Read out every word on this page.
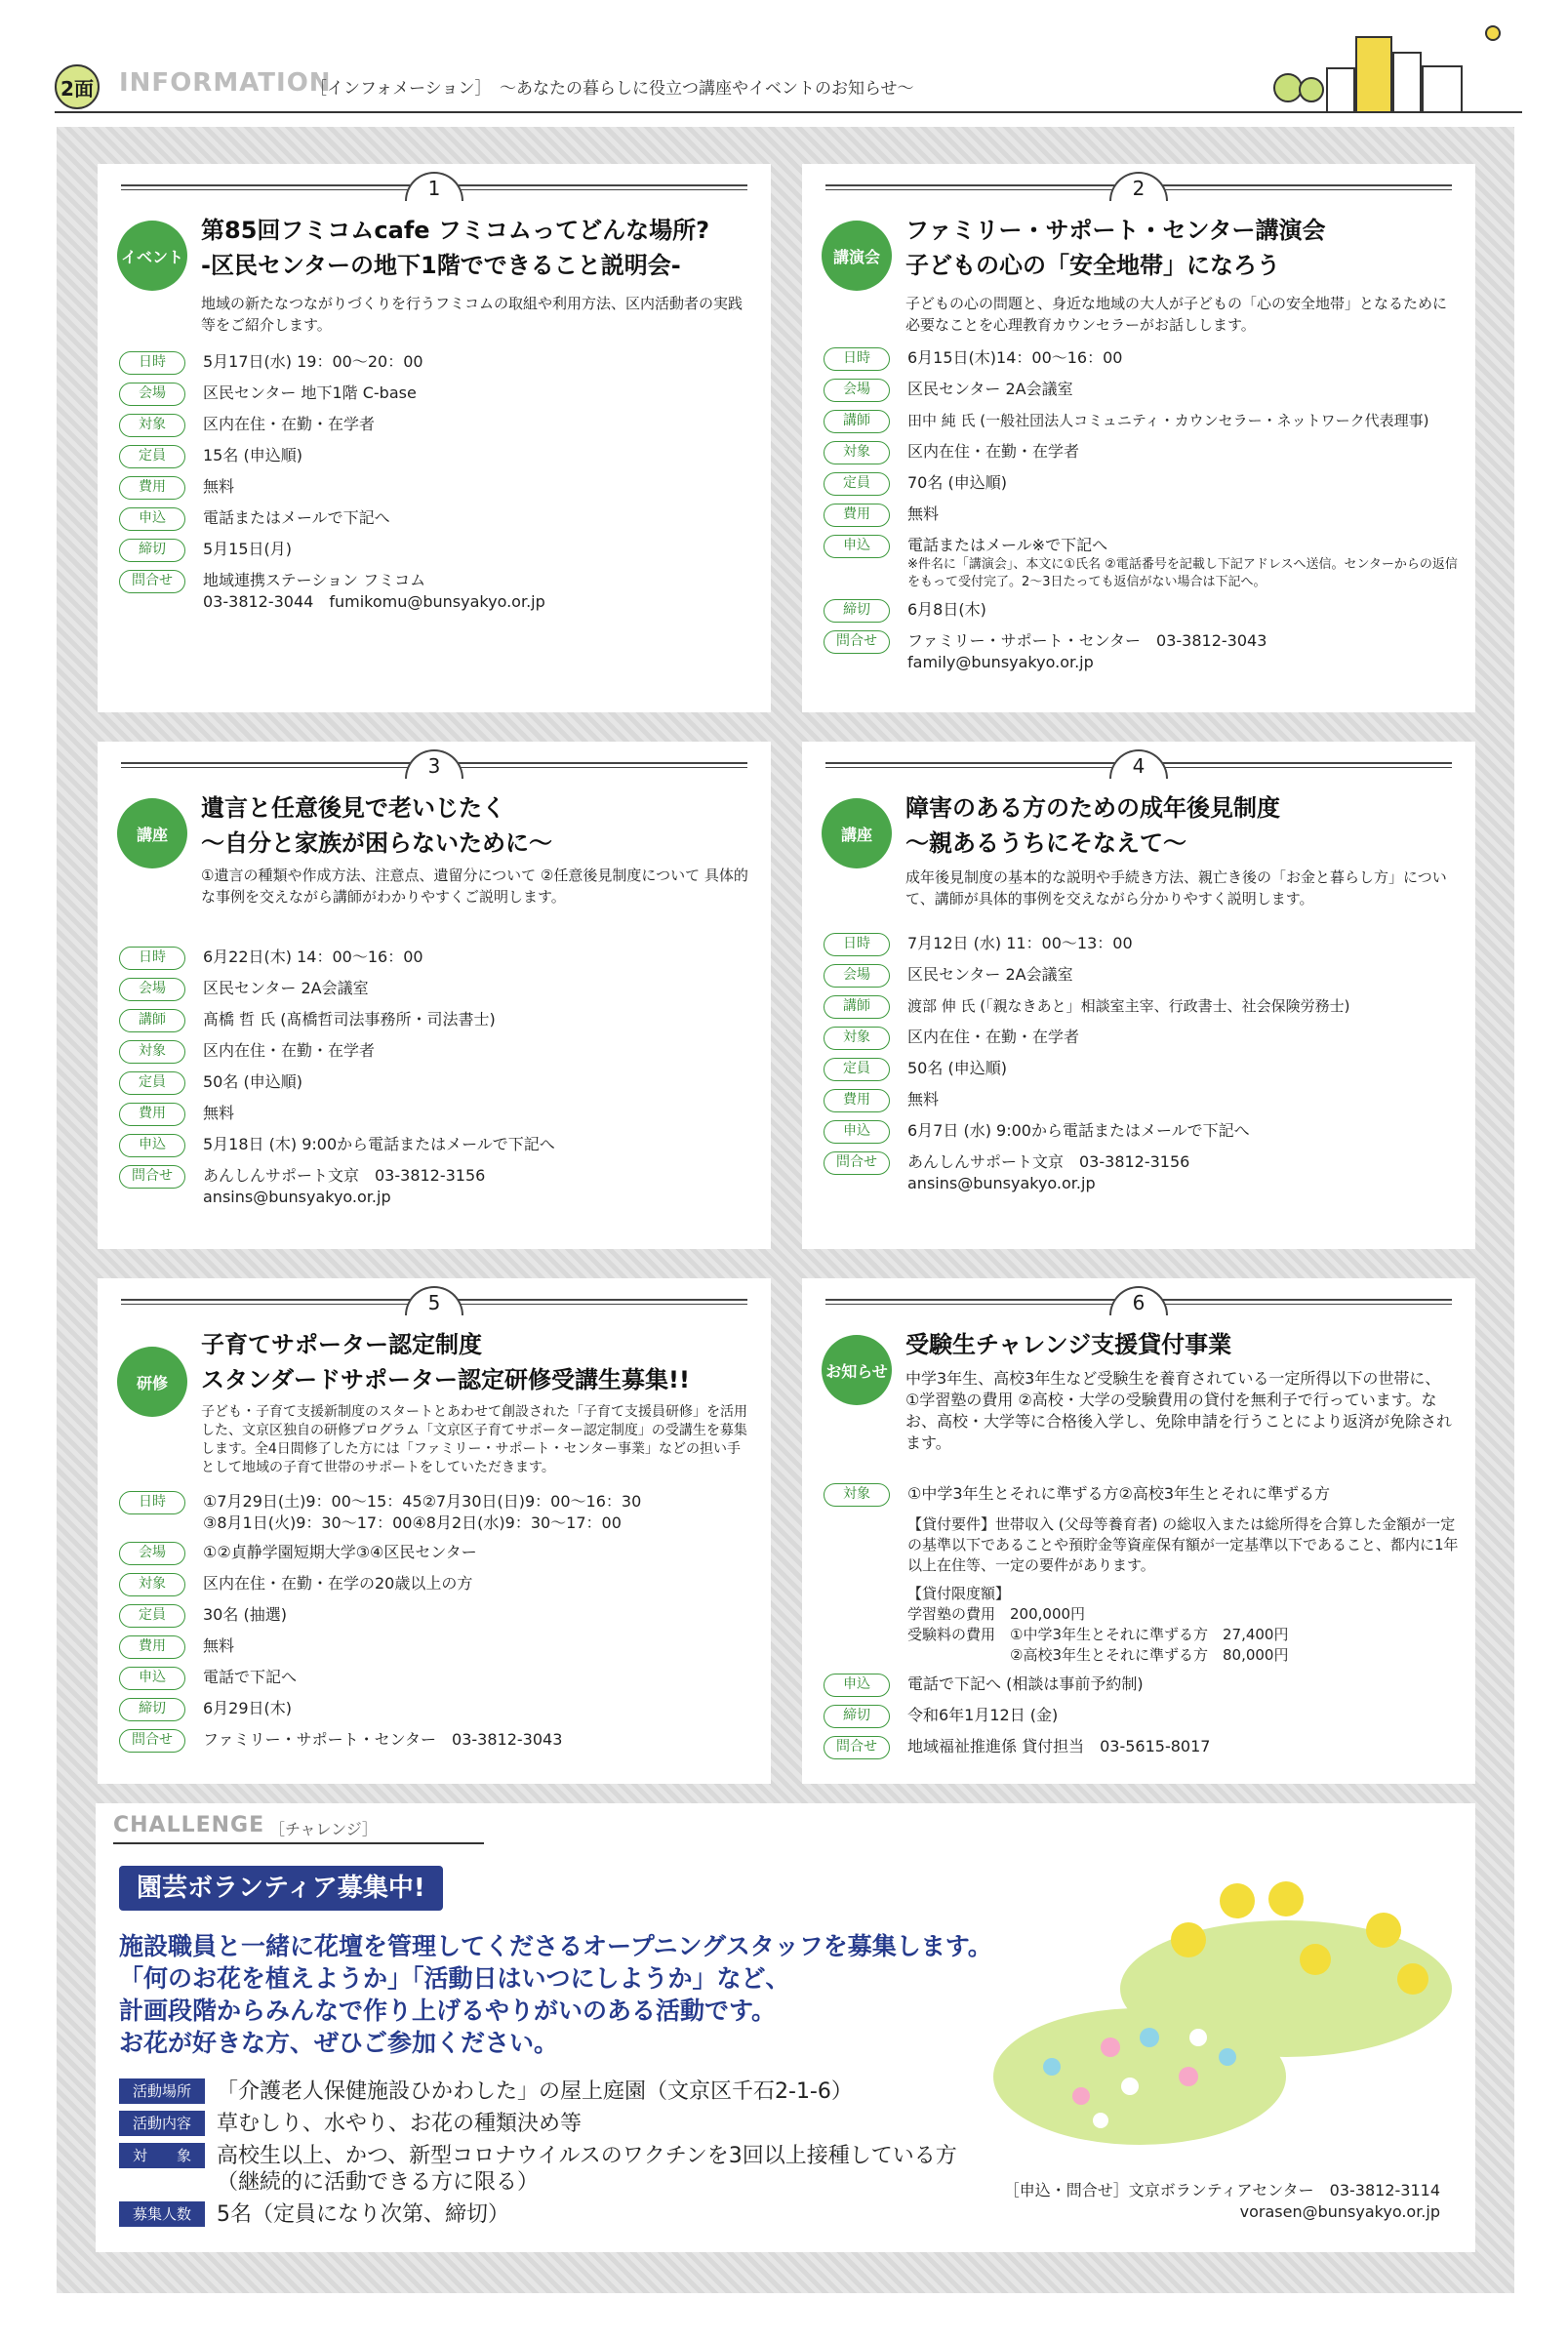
2面 INFORMATION
［インフォメーション］ ～あなたの暮らしに役立つ講座やイベントのお知らせ～
1
イベント
第85回フミコムcafe フミコムってどんな場所?
‐区民センターの地下1階でできること説明会‐
地域の新たなつながりづくりを行うフミコムの取組や利用方法、区内活動者の実践等をご紹介します。
日時	5月17日(水) 19：00～20：00
会場	区民センター 地下1階 C-base
対象	区内在住・在勤・在学者
定員	15名 (申込順)
費用	無料
申込	電話またはメールで下記へ
締切	5月15日(月)
問合せ	地域連携ステーション フミコム
03-3812-3044　fumikomu@bunsyakyo.or.jp
2
講演会
ファミリー・サポート・センター講演会
子どもの心の「安全地帯」になろう
子どもの心の問題と、身近な地域の大人が子どもの「心の安全地帯」となるために必要なことを心理教育カウンセラーがお話しします。
日時	6月15日(木)14：00～16：00
会場	区民センター 2A会議室
講師	田中 純 氏 (一般社団法人コミュニティ・カウンセラー・ネットワーク代表理事)
対象	区内在住・在勤・在学者
定員	70名 (申込順)
費用	無料
申込	電話またはメール※で下記へ
※件名に「講演会」、本文に①氏名 ②電話番号を記載し下記アドレスへ送信。センターからの返信をもって受付完了。2～3日たっても返信がない場合は下記へ。
締切	6月8日(木)
問合せ	ファミリー・サポート・センター　03-3812-3043
family@bunsyakyo.or.jp
3
講座
遺言と任意後見で老いじたく
～自分と家族が困らないために～
①遺言の種類や作成方法、注意点、遺留分について ②任意後見制度について 具体的な事例を交えながら講師がわかりやすくご説明します。
日時	6月22日(木) 14：00～16：00
会場	区民センター 2A会議室
講師	髙橋 哲 氏 (髙橋哲司法事務所・司法書士)
対象	区内在住・在勤・在学者
定員	50名 (申込順)
費用	無料
申込	5月18日 (木) 9:00から電話またはメールで下記へ
問合せ	あんしんサポート文京　03-3812-3156
ansins@bunsyakyo.or.jp
4
講座
障害のある方のための成年後見制度
～親あるうちにそなえて～
成年後見制度の基本的な説明や手続き方法、親亡き後の「お金と暮らし方」について、講師が具体的事例を交えながら分かりやすく説明します。
日時	7月12日 (水) 11：00～13：00
会場	区民センター 2A会議室
講師	渡部 伸 氏 (「親なきあと」相談室主宰、行政書士、社会保険労務士)
対象	区内在住・在勤・在学者
定員	50名 (申込順)
費用	無料
申込	6月7日 (水) 9:00から電話またはメールで下記へ
問合せ	あんしんサポート文京　03-3812-3156
ansins@bunsyakyo.or.jp
5
研修
子育てサポーター認定制度
スタンダードサポーター認定研修受講生募集!!
子ども・子育て支援新制度のスタートとあわせて創設された「子育て支援員研修」を活用した、文京区独自の研修プログラム「文京区子育てサポーター認定制度」の受講生を募集します。全4日間修了した方には「ファミリー・サポート・センター事業」などの担い手として地域の子育て世帯のサポートをしていただきます。
日時	①7月29日(土)9：00～15：45②7月30日(日)9：00～16：30
③8月1日(火)9：30～17：00④8月2日(水)9：30～17：00
会場	①②貞静学園短期大学③④区民センター
対象	区内在住・在勤・在学の20歳以上の方
定員	30名 (抽選)
費用	無料
申込	電話で下記へ
締切	6月29日(木)
問合せ	ファミリー・サポート・センター　03-3812-3043
6
お知らせ
受験生チャレンジ支援貸付事業
中学3年生、高校3年生など受験生を養育されている一定所得以下の世帯に、①学習塾の費用 ②高校・大学の受験費用の貸付を無利子で行っています。なお、高校・大学等に合格後入学し、免除申請を行うことにより返済が免除されます。
対象	①中学3年生とそれに準ずる方②高校3年生とそれに準ずる方
【貸付要件】世帯収入 (父母等養育者) の総収入または総所得を合算した金額が一定の基準以下であることや預貯金等資産保有額が一定基準以下であること、都内に1年以上在住等、一定の要件があります。
【貸付限度額】
学習塾の費用　200,000円
受験料の費用　①中学3年生とそれに準ずる方　27,400円
　　　　　　　②高校3年生とそれに準ずる方　80,000円
申込	電話で下記へ (相談は事前予約制)
締切	令和6年1月12日 (金)
問合せ	地域福祉推進係 貸付担当　03-5615-8017
CHALLENGE ［チャレンジ］
園芸ボランティア募集中!
施設職員と一緒に花壇を管理してくださるオープニングスタッフを募集します。
「何のお花を植えようか」「活動日はいつにしようか」など、
計画段階からみんなで作り上げるやりがいのある活動です。
お花が好きな方、ぜひご参加ください。
活動場所	「介護老人保健施設ひかわした」の屋上庭園（文京区千石2-1-6）
活動内容	草むしり、水やり、お花の種類決め等
対　　象	高校生以上、かつ、新型コロナウイルスのワクチンを3回以上接種している方
（継続的に活動できる方に限る）
募集人数	5名（定員になり次第、締切）
［申込・問合せ］文京ボランティアセンター　03-3812-3114
vorasen@bunsyakyo.or.jp
